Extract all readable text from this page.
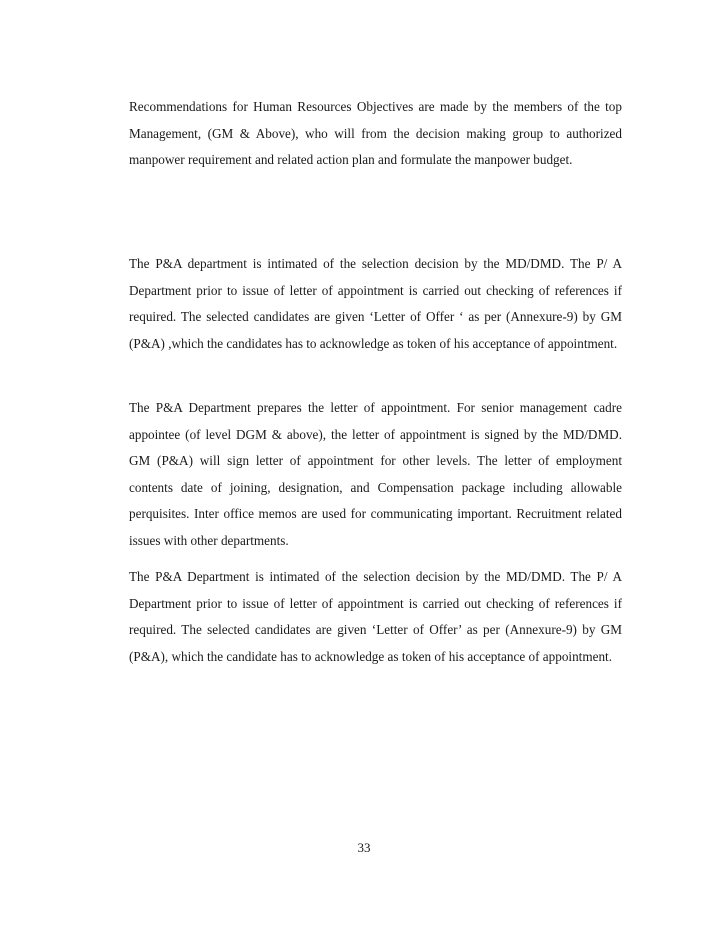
Recommendations for Human Resources Objectives are made by the members of the top Management, (GM & Above), who will from the decision making group to authorized manpower requirement and related action plan and formulate the manpower budget.

The P&A department is intimated of the selection decision by the MD/DMD. The P/ A Department prior to issue of letter of appointment is carried out checking of references if required. The selected candidates are given ‘Letter of Offer ‘ as per (Annexure-9) by GM (P&A) ,which the candidates has to acknowledge as token of his acceptance of appointment.

The P&A Department prepares the letter of appointment. For senior management cadre appointee (of level DGM & above), the letter of appointment is signed by the MD/DMD. GM (P&A) will sign letter of appointment for other levels. The letter of employment contents date of joining, designation, and Compensation package including allowable perquisites. Inter office memos are used for communicating important. Recruitment related issues with other departments.

The P&A Department is intimated of the selection decision by the MD/DMD. The P/ A Department prior to issue of letter of appointment is carried out checking of references if required. The selected candidates are given ‘Letter of Offer’ as per (Annexure-9) by GM (P&A), which the candidate has to acknowledge as token of his acceptance of appointment.

33
